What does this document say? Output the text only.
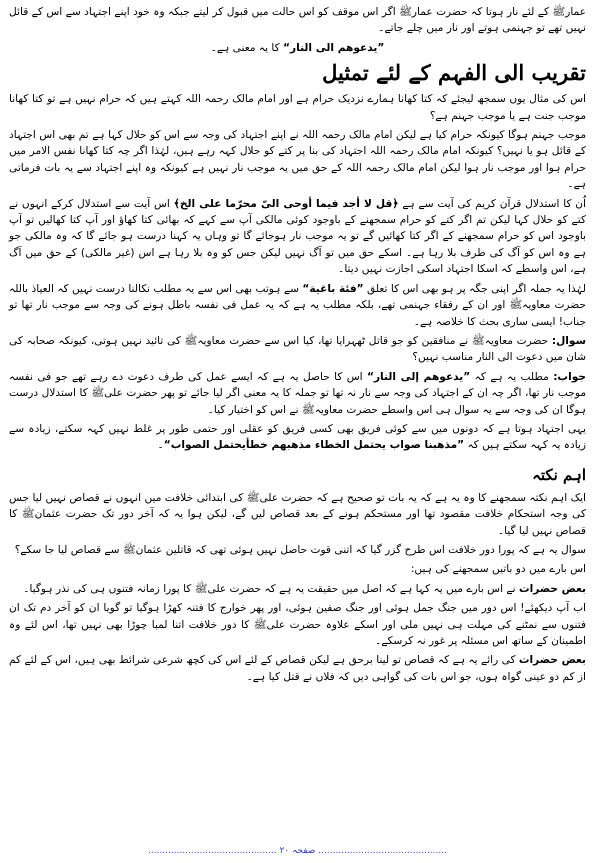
عمارﷺ کے لئے نار ہوتا کہ حضرت عمارﷺ اگر اس موقف کو اس حالت میں قبول کر لیتے جبکہ وہ خود اپنے اجتہاد سے اس کے قائل نہیں تھے تو جہنمی ہوتے اور نار میں چلے جاتے۔

”یدعوھم الی النار“ کا یہ معنی ہے۔

تقریب الی الفہم کے لئے تمثیل

اس کی مثال یوں سمجھ لیجئے کہ کتا کھانا ہمارے نزدیک حرام ہے اور امام مالک رحمہ اللہ کہتے ہیں کہ حرام نہیں ہے تو کتا کھانا موجب جنت ہے یا موجب جہنم ہے؟

موجب جہنم ہوگا کیونکہ حرام کیا ہے لیکن امام مالک رحمہ اللہ نے اپنے اجتہاد کی وجہ سے اس کو حلال کہا ہے تم بھی اس اجتہاد کے قائل ہو یا نہیں؟ کیونکہ امام مالک رحمہ اللہ اجتہاد کی بنا پر کتے کو حلال کہہ رہے ہیں، لہٰذا اگر چہ کتا کھانا نفس الامر میں حرام ہوا اور موجب نار ہوا لیکن امام مالک رحمہ اللہ کے حق میں یہ موجب نار نہیں ہے کیونکہ وہ اپنے اجتہاد سے یہ بات فرماتی ہے۔

اُن کا استدلال قرآن کریم کی آیت سے ہے ﴿قل لا أجد فیما أوحی الیّ محرّما علی الخ﴾ اس آیت سے استدلال کرکے انہوں نے کتے کو حلال کہا لیکن تم اگر کتے کو حرام سمجھنے کے باوجود کوئی مالکی آپ سے کہے کہ بھائی کتا کھاؤ اور آپ کتا کھالیں تو آپ باوجود اس کو حرام سمجھنے کے اگر کتا کھائیں گے تو یہ موجب نار ہوجائے گا تو وہاں یہ کہنا درست ہو جائے گا کہ وہ مالکی جو ہے وہ اس کو آگ کی طرف بلا رہا ہے۔ اسکے حق میں تو آگ نہیں لیکن جس کو وہ بلا رہا ہے اس (غیر مالکی) کے حق میں آگ ہے، اس واسطے کہ اسکا اجتہاد اسکی اجازت نہیں دیتا۔

لہٰذا یہ جملہ اگر اپنی جگہ پر ہو بھی اس کا تعلق ”فئة باغیة“ سے ہوتب بھی اس سے یہ مطلب نکالنا درست نہیں کہ العیاذ باللہ حضرت معاویہﷺ اور ان کے رفقاء جہنمی تھے، بلکہ مطلب یہ ہے کہ یہ عمل فی نفسہ باطل ہونے کی وجہ سے موجب نار تھا تو جناب! ایسی ساری بحث کا خلاصہ ہے۔

سوال: حضرت معاویہﷺ نے منافقین کو جو قاتل ٹھہرایا تھا، کیا اس سے حضرت معاویہﷺ کی تائید نہیں ہوتی، کیونکہ صحابہ کی شان میں دعوت الی النار مناسب نہیں؟

جواب: مطلب یہ ہے کہ ”یدعوھم إلی النار“ اس کا حاصل یہ ہے کہ ایسے عمل کی طرف دعوت دے رہے تھے جو فی نفسہ موجب نار تھا، اگر چہ ان کے اجتہاد کی وجہ سے نار نہ تھا تو جملہ کا یہ معنی اگر لیا جائے تو پھر حضرت علیﷺ کا استدلال درست ہوگا ان کی وجہ سے یہ سوال ہی اس واسطے حضرت معاویہﷺ نے اس کو اختیار کیا۔

یہی اجتہاد ہوتا ہے کہ دونوں میں سے کوئی فریق بھی کسی فریق کو عقلی اور حتمی طور پر غلط نہیں کہہ سکتے، زیادہ سے زیادہ یہ کہہ سکتے ہیں کہ ”مذھبنا صواب یحتمل الخطاء مذھبھم خطأیحتمل الصواب“۔

اہم نکتہ

ایک اہم نکتہ سمجھنے کا وہ یہ ہے کہ یہ بات تو صحیح ہے کہ حضرت علیﷺ کی ابتدائی خلافت میں انہوں نے قصاص نہیں لیا جس کی وجہ استحکام خلافت مقصود تھا اور مستحکم ہونے کے بعد قصاص لیں گے، لیکن ہوا یہ کہ آخر دور تک حضرت عثمانﷺ کا قصاص نہیں لیا گیا۔

سوال یہ ہے کہ پورا دور خلافت اس طرح گزر گیا کہ اتنی قوت حاصل نہیں ہوئی تھی کہ قاتلین عثمانﷺ سے قصاص لیا جا سکے؟

اس بارے میں دو باتیں سمجھنے کی ہیں:

بعض حضرات نے اس بارے میں یہ کہا ہے کہ اصل میں حقیقت یہ ہے کہ حضرت علیﷺ کا پورا زمانہ فتنوں ہی کی نذر ہوگیا۔

اب آپ دیکھئے! اس دور میں جنگ جمل ہوئی اور جنگ صفین ہوئی، اور پھر خوارج کا فتنہ کھڑا ہوگیا تو گویا ان کو آخر دم تک ان فتنوں سے نمٹنے کی مہلت ہی نہیں ملی اور اسکے علاوہ حضرت علیﷺ کا دور خلافت اتنا لمبا چوڑا بھی نہیں تھا، اس لئے وہ اطمینان کے ساتھ اس مسئلہ پر غور نہ کرسکے۔

بعض حضرات کی رائے یہ ہے کہ قصاص تو لینا برحق ہے لیکن قصاص کے لئے اس کی کچھ شرعی شرائط بھی ہیں، اس کے لئے کم از کم دو عینی گواہ ہوں، جو اس بات کی گواہی دیں کہ فلاں نے قتل کیا ہے۔

............................................. صفحہ ۲۰ .............................................
